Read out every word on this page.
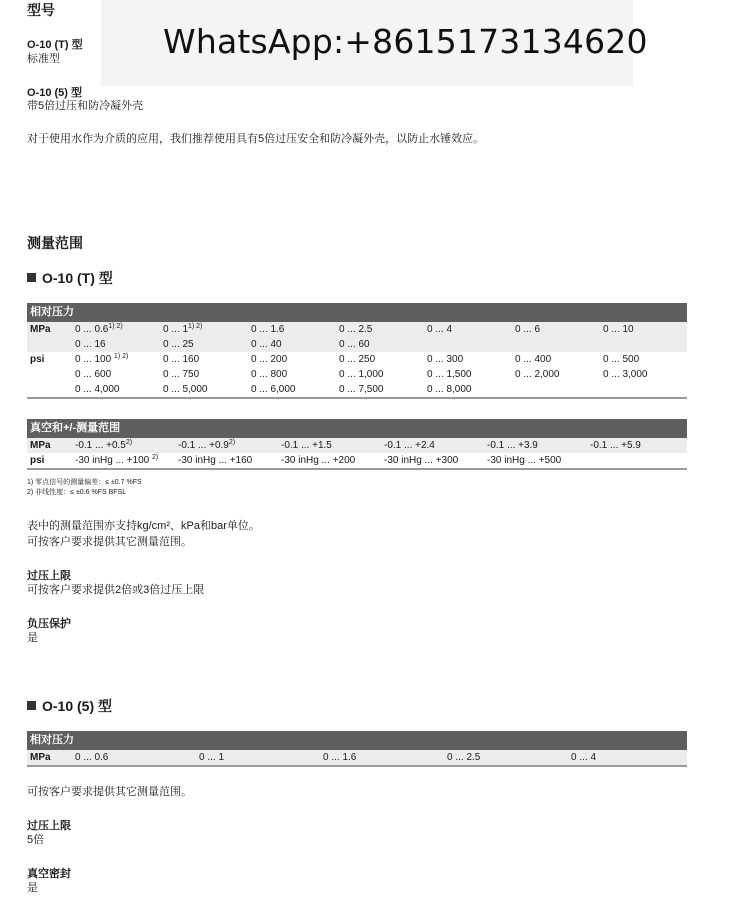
型号
WhatsApp:+8615173134620
O-10 (T) 型
标准型
O-10 (5) 型
带5倍过压和防冷凝外壳
对于使用水作为介质的应用，我们推荐使用具有5倍过压安全和防冷凝外壳，以防止水锤效应。
测量范围
O-10 (T) 型
相对压力
MPa	0 ... $0.6^{1) 2)}$	0 ... $1^{1) 2)}$	0 ... 1.6	0 ... 2.5	0 ... 4	0 ... 6	0 ... 10
	0 ... 16	0 ... 25	0 ... 40	0 ... 60			
psi	0 ... 100 $^{1) 2)}$	0 ... 160	0 ... 200	0 ... 250	0 ... 300	0 ... 400	0 ... 500
	0 ... 600	0 ... 750	0 ... 800	0 ... 1,000	0 ... 1,500	0 ... 2,000	0 ... 3,000
	0 ... 4,000	0 ... 5,000	0 ... 6,000	0 ... 7,500	0 ... 8,000		
真空和+/-测量范围
MPa	-0.1 ... $+0.5^{2)}$	-0.1 ... $+0.9^{2)}$	-0.1 ... +1.5	-0.1 ... +2.4	-0.1 ... +3.9	-0.1 ... +5.9
psi	-30 inHg ... +100 $^{2)}$	-30 inHg ... +160	-30 inHg ... +200	-30 inHg ... +300	-30 inHg ... +500	
1) 零点信号的测量偏差：≤ ±0.7 %FS
2) 非线性度：≤ ±0.6 %FS BFSL
表中的测量范围亦支持kg/cm²、kPa和bar单位。
可按客户要求提供其它测量范围。
过压上限
可按客户要求提供2倍或3倍过压上限
负压保护
是
O-10 (5) 型
相对压力
MPa	0 ... 0.6	0 ... 1	0 ... 1.6	0 ... 2.5	0 ... 4
可按客户要求提供其它测量范围。
过压上限
5倍
真空密封
是
